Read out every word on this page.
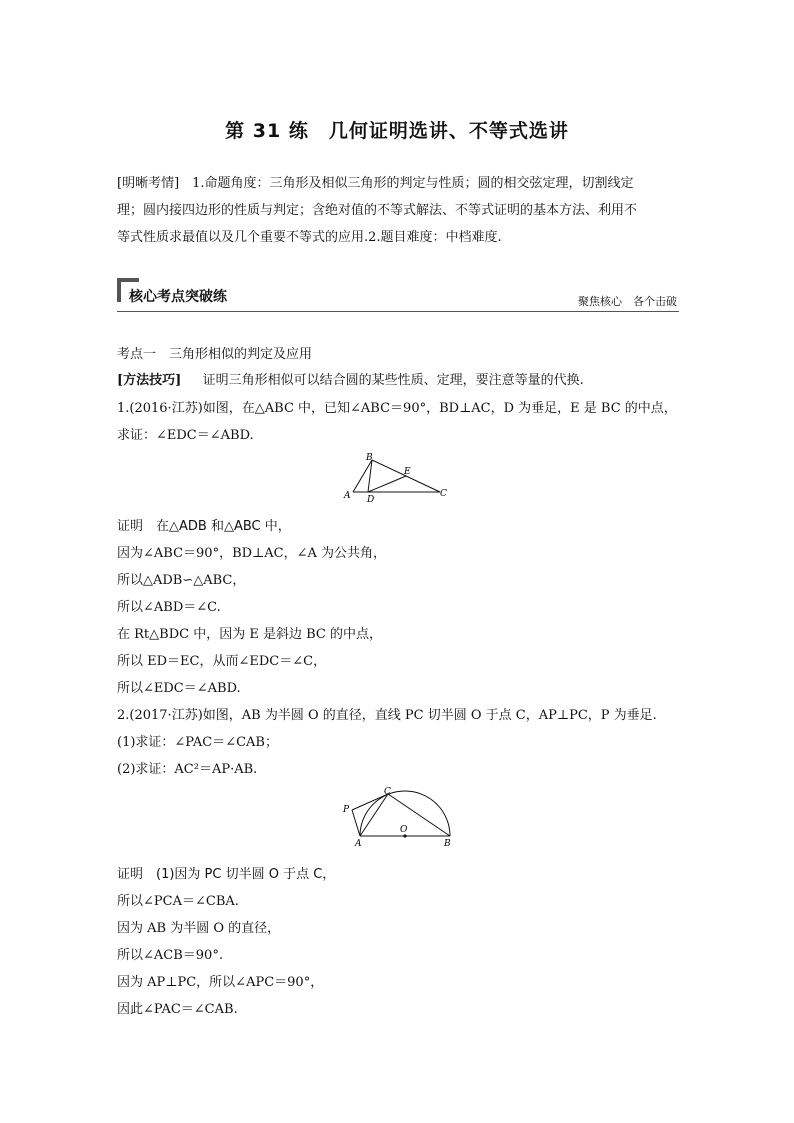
第 31 练　几何证明选讲、不等式选讲
[明晰考情]　1.命题角度：三角形及相似三角形的判定与性质；圆的相交弦定理，切割线定
理；圆内接四边形的性质与判定；含绝对值的不等式解法、不等式证明的基本方法、利用不
等式性质求最值以及几个重要不等式的应用.2.题目难度：中档难度.
核心考点突破练	聚焦核心　各个击破
考点一　三角形相似的判定及应用
[方法技巧] 　 证明三角形相似可以结合圆的某些性质、定理，要注意等量的代换.
1.(2016·江苏)如图，在△ABC 中，已知∠ABC＝90°，BD⊥AC，D 为垂足，E 是 BC 的中点，
求证：∠EDC＝∠ABD.
B
E
A D
C
证明　在△ADB 和△ABC 中，
因为∠ABC＝90°，BD⊥AC，∠A 为公共角，
所以△ADB∽△ABC，
所以∠ABD＝∠C.
在 Rt△BDC 中，因为 E 是斜边 BC 的中点，
所以 ED＝EC，从而∠EDC＝∠C，
所以∠EDC＝∠ABD.
2.(2017·江苏)如图，AB 为半圆 O 的直径，直线 PC 切半圆 O 于点 C，AP⊥PC，P 为垂足.
(1)求证：∠PAC＝∠CAB；
(2)求证：AC²＝AP·AB.
C
P
O
A	B
证明　(1)因为 PC 切半圆 O 于点 C，
所以∠PCA＝∠CBA.
因为 AB 为半圆 O 的直径，
所以∠ACB＝90°.
因为 AP⊥PC，所以∠APC＝90°，
因此∠PAC＝∠CAB.
